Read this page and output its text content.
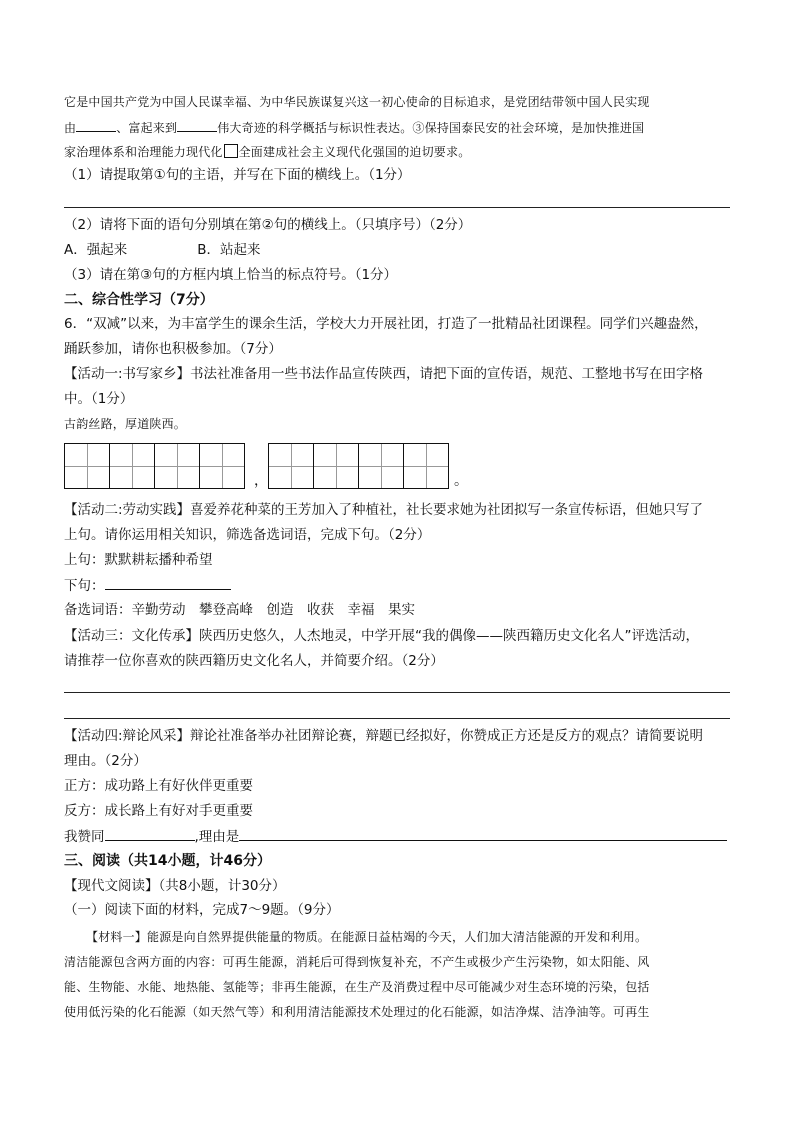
它是中国共产党为中国人民谋幸福、为中华民族谋复兴这一初心使命的目标追求，是党团结带领中国人民实现
由	、富起来到	伟大奇迹的科学概括与标识性表达。③保持国泰民安的社会环境，是加快推进国
家治理体系和治理能力现代化 全面建成社会主义现代化强国的迫切要求。
（1）请提取第①句的主语，并写在下面的横线上。（1分）
（2）请将下面的语句分别填在第②句的横线上。（只填序号）（2分）
A．强起来	B．站起来
（3）请在第③句的方框内填上恰当的标点符号。（1分）
二、综合性学习（7分）
6．“双减”以来，为丰富学生的课余生活，学校大力开展社团，打造了一批精品社团课程。同学们兴趣盎然，
踊跃参加，请你也积极参加。（7分）
【活动一:书写家乡】书法社准备用一些书法作品宣传陕西，请把下面的宣传语，规范、工整地书写在田字格
中。（1分）
古韵丝路，厚道陕西。
，	。
【活动二:劳动实践】喜爱养花种菜的王芳加入了种植社，社长要求她为社团拟写一条宣传标语，但她只写了
上句。请你运用相关知识，筛选备选词语，完成下句。（2分）
上句：默默耕耘播种希望
下句：
备选词语：辛勤劳动　攀登高峰　创造　收获　幸福　果实
【活动三：文化传承】陕西历史悠久，人杰地灵，中学开展“我的偶像——陕西籍历史文化名人”评选活动，
请推荐一位你喜欢的陕西籍历史文化名人，并简要介绍。（2分）
【活动四:辩论风采】辩论社准备举办社团辩论赛，辩题已经拟好，你赞成正方还是反方的观点？请简要说明
理由。（2分）
正方：成功路上有好伙伴更重要
反方：成长路上有好对手更重要
我赞同	,理由是
三、阅读（共14小题，计46分）
【现代文阅读】（共8小题，计30分）
（一）阅读下面的材料，完成7～9题。（9分）
【材料一】能源是向自然界提供能量的物质。在能源日益枯竭的今天，人们加大清洁能源的开发和利用。
清洁能源包含两方面的内容：可再生能源，消耗后可得到恢复补充，不产生或极少产生污染物，如太阳能、风
能、生物能、水能、地热能、氢能等；非再生能源，在生产及消费过程中尽可能减少对生态环境的污染，包括
使用低污染的化石能源（如天然气等）和利用清洁能源技术处理过的化石能源，如洁净煤、洁净油等。可再生
